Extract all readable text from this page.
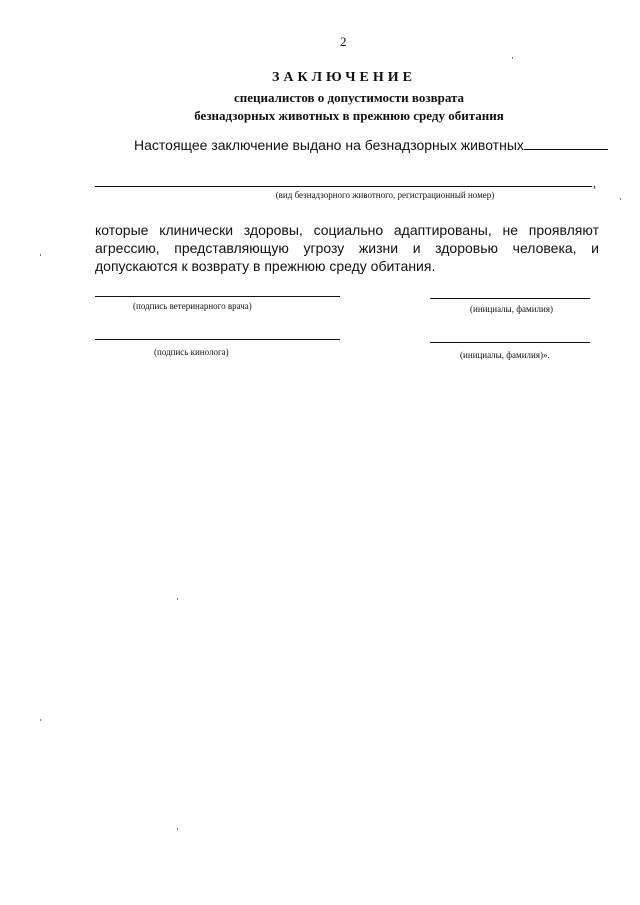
2
ЗАКЛЮЧЕНИЕ
специалистов о допустимости возврата
безнадзорных животных в прежнюю среду обитания
Настоящее заключение выдано на безнадзорных животных
,
(вид безнадзорного животного, регистрационный номер)
которые клинически здоровы, социально адаптированы, не проявляют
агрессию, представляющую угрозу жизни и здоровью человека, и
допускаются к возврату в прежнюю среду обитания.
(подпись ветеринарного врача)	(инициалы, фамилия)
(подпись кинолога)	(инициалы, фамилия)».
